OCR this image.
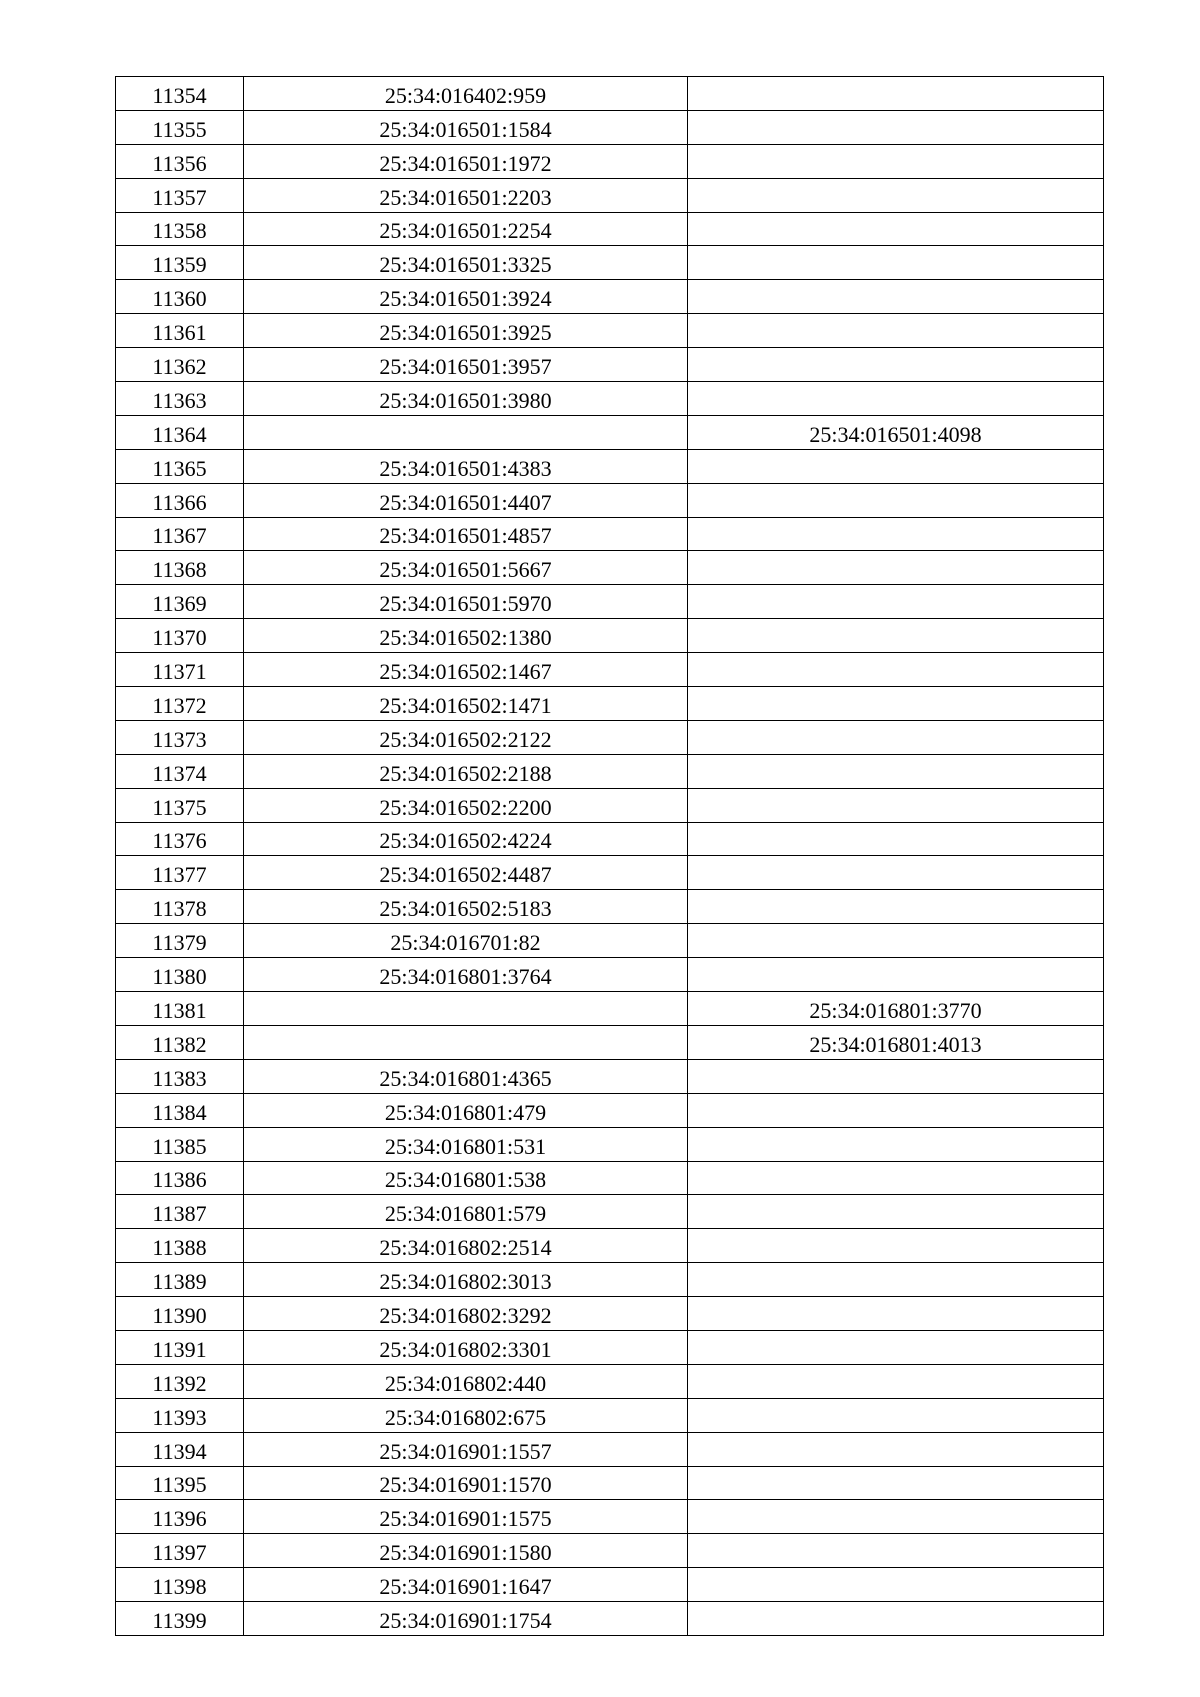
11354	25:34:016402:959	
11355	25:34:016501:1584	
11356	25:34:016501:1972	
11357	25:34:016501:2203	
11358	25:34:016501:2254	
11359	25:34:016501:3325	
11360	25:34:016501:3924	
11361	25:34:016501:3925	
11362	25:34:016501:3957	
11363	25:34:016501:3980	
11364		25:34:016501:4098
11365	25:34:016501:4383	
11366	25:34:016501:4407	
11367	25:34:016501:4857	
11368	25:34:016501:5667	
11369	25:34:016501:5970	
11370	25:34:016502:1380	
11371	25:34:016502:1467	
11372	25:34:016502:1471	
11373	25:34:016502:2122	
11374	25:34:016502:2188	
11375	25:34:016502:2200	
11376	25:34:016502:4224	
11377	25:34:016502:4487	
11378	25:34:016502:5183	
11379	25:34:016701:82	
11380	25:34:016801:3764	
11381		25:34:016801:3770
11382		25:34:016801:4013
11383	25:34:016801:4365	
11384	25:34:016801:479	
11385	25:34:016801:531	
11386	25:34:016801:538	
11387	25:34:016801:579	
11388	25:34:016802:2514	
11389	25:34:016802:3013	
11390	25:34:016802:3292	
11391	25:34:016802:3301	
11392	25:34:016802:440	
11393	25:34:016802:675	
11394	25:34:016901:1557	
11395	25:34:016901:1570	
11396	25:34:016901:1575	
11397	25:34:016901:1580	
11398	25:34:016901:1647	
11399	25:34:016901:1754	
